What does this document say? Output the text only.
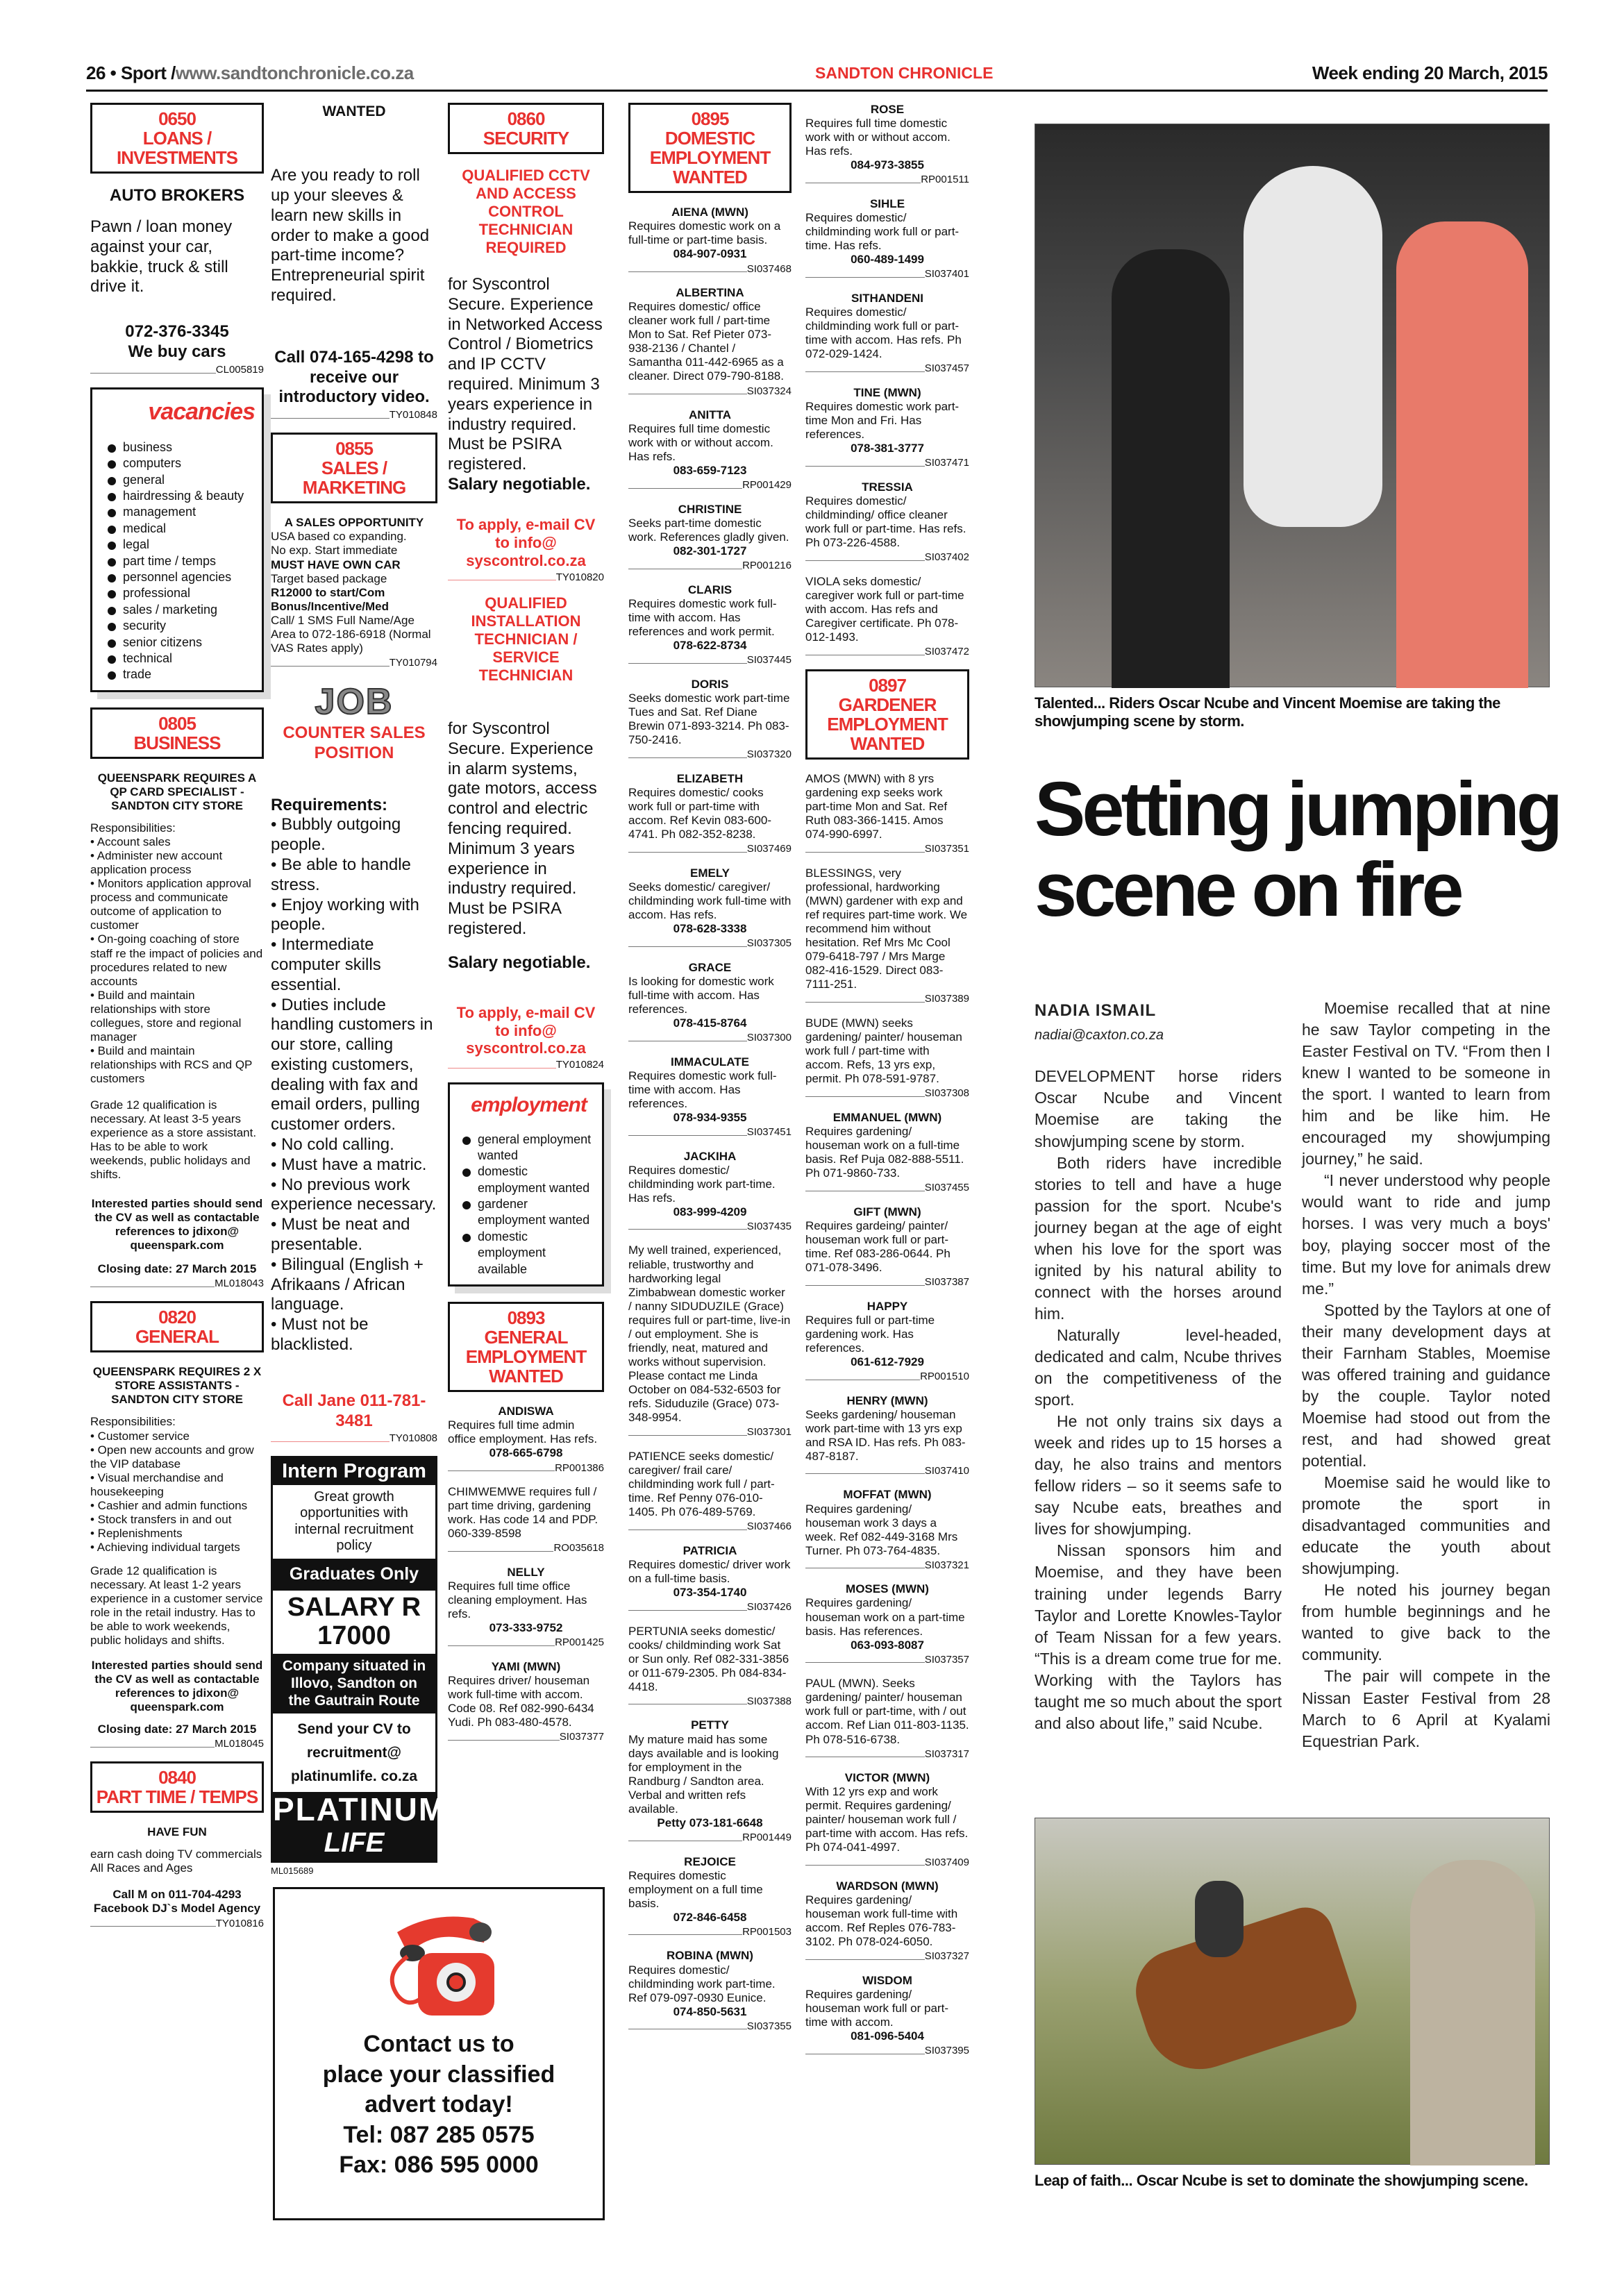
26 • Sport /www.sandtonchronicle.co.za	SANDTON CHRONICLE	Week ending 20 March, 2015
0650
LOANS /
INVESTMENTS
AUTO BROKERS

Pawn / loan money against your car, bakkie, truck & still drive it.

072-376-3345
We buy cars
CL005819
vacancies
business
computers
general
hairdressing & beauty
management
medical
legal
part time / temps
personnel agencies
professional
sales / marketing
security
senior citizens
technical
trade
0805
BUSINESS
QUEENSPARK REQUIRES A QP CARD SPECIALIST - SANDTON CITY STORE
Responsibilities:
• Account sales
• Administer new account application process
• Monitors application approval process and communicate outcome of application to customer
• On-going coaching of store staff re the impact of policies and procedures related to new accounts
• Build and maintain relationships with store collegues, store and regional manager
• Build and maintain relationships with RCS and QP customers

Grade 12 qualification is necessary. At least 3-5 years experience as a store assistant. Has to be able to work weekends, public holidays and shifts.

Interested parties should send the CV as well as contactable references to jdixon@ queenspark.com
Closing date: 27 March 2015
ML018043
0820
GENERAL
QUEENSPARK REQUIRES 2 X STORE ASSISTANTS - SANDTON CITY STORE
Responsibilities:
• Customer service
• Open new accounts and grow the VIP database
• Visual merchandise and housekeeping
• Cashier and admin functions
• Stock transfers in and out
• Replenishments
• Achieving individual targets

Grade 12 qualification is necessary. At least 1-2 years experience in a customer service role in the retail industry. Has to be able to work weekends, public holidays and shifts.

Interested parties should send the CV as well as contactable references to jdixon@ queenspark.com
Closing date: 27 March 2015
ML018045
0840
PART TIME / TEMPS
HAVE FUN

earn cash doing TV commercials All Races and Ages

Call M on 011-704-4293 Facebook DJ`s Model Agency
TY010816
WANTED

Are you ready to roll up your sleeves & learn new skills in order to make a good part-time income? Entrepreneurial spirit required.

Call 074-165-4298 to receive our introductory video.
TY010848
0855
SALES / MARKETING
A SALES OPPORTUNITY
USA based co expanding.
No exp. Start immediate
MUST HAVE OWN CAR
Target based package
R12000 to start/Com
Bonus/Incentive/Med
Call/ 1 SMS Full Name/Age Area to 072-186-6918 (Normal VAS Rates apply)
TY010794
JOB
COUNTER SALES POSITION
Requirements:
• Bubbly outgoing people.
• Be able to handle stress.
• Enjoy working with people.
• Intermediate computer skills essential.
• Duties include handling customers in our store, calling existing customers, dealing with fax and email orders, pulling customer orders.
• No cold calling.
• Must have a matric.
• No previous work experience necessary.
• Must be neat and presentable.
• Bilingual (English + Afrikaans / African language.
• Must not be blacklisted.
Call Jane 011-781-3481
TY010808
Intern Program
Great growth opportunities with internal recruitment policy
Graduates Only
SALARY R 17000
Company situated in Illovo, Sandton on the Gautrain Route
Send your CV to recruitment@ platinumlife. co.za
PLATINUM
LIFE
ML015689
Contact us to
place your classified
advert today!
Tel: 087 285 0575
Fax: 086 595 0000
0860
SECURITY
QUALIFIED CCTV AND ACCESS CONTROL TECHNICIAN REQUIRED

for Syscontrol Secure. Experience in Networked Access Control / Biometrics and IP CCTV required. Minimum 3 years experience in industry required. Must be PSIRA registered.

Salary negotiable.
To apply, e-mail CV to info@ syscontrol.co.za
TY010820
QUALIFIED INSTALLATION TECHNICIAN / SERVICE TECHNICIAN

for Syscontrol Secure. Experience in alarm systems, gate motors, access control and electric fencing required. Minimum 3 years experience in industry required. Must be PSIRA registered.

Salary negotiable.
To apply, e-mail CV to info@ syscontrol.co.za
TY010824
employment
general employment wanted
domestic employment wanted
gardener employment wanted
domestic employment available
0893
GENERAL
EMPLOYMENT
WANTED
ANDISWA
Requires full time admin office employment. Has refs.
078-665-6798
RP001386
CHIMWEMWE requires full / part time driving, gardening work. Has code 14 and PDP. 060-339-8598
RO035618
NELLY
Requires full time office cleaning employment. Has refs.
073-333-9752
RP001425
YAMI (MWN)
Requires driver/ houseman work full-time with accom. Code 08. Ref 082-990-6434 Yudi. Ph 083-480-4578.
SI037377
0895
DOMESTIC
EMPLOYMENT
WANTED
AIENA (MWN)
Requires domestic work on a full-time or part-time basis.
084-907-0931
SI037468
ALBERTINA
Requires domestic/ office cleaner work full / part-time Mon to Sat. Ref Pieter 073-938-2136 / Chantel / Samantha 011-442-6965 as a cleaner. Direct 079-790-8188.
SI037324
ANITTA
Requires full time domestic work with or without accom. Has refs.
083-659-7123
RP001429
CHRISTINE
Seeks part-time domestic work. References gladly given.
082-301-1727
RP001216
CLARIS
Requires domestic work full-time with accom. Has references and work permit.
078-622-8734
SI037445
DORIS
Seeks domestic work part-time Tues and Sat. Ref Diane Brewin 071-893-3214. Ph 083-750-2416.
SI037320
ELIZABETH
Requires domestic/ cooks work full or part-time with accom. Ref Kevin 083-600-4741. Ph 082-352-8238.
SI037469
EMELY
Seeks domestic/ caregiver/ childminding work full-time with accom. Has refs.
078-628-3338
SI037305
GRACE
Is looking for domestic work full-time with accom. Has references.
078-415-8764
SI037300
IMMACULATE
Requires domestic work full-time with accom. Has references.
078-934-9355
SI037451
JACKIHA
Requires domestic/ childminding work part-time. Has refs.
083-999-4209
SI037435
My well trained, experienced, reliable, trustworthy and hardworking legal Zimbabwean domestic worker / nanny SIDUDUZILE (Grace) requires full or part-time, live-in / out employment. She is friendly, neat, matured and works without supervision. Please contact me Linda October on 084-532-6503 for refs. Siduduzile (Grace) 073-348-9954.
SI037301
PATIENCE seeks domestic/ caregiver/ frail care/ childminding work full / part-time. Ref Penny 076-010-1405. Ph 076-489-5769.
SI037466
PATRICIA
Requires domestic/ driver work on a full-time basis.
073-354-1740
SI037426
PERTUNIA seeks domestic/ cooks/ childminding work Sat or Sun only. Ref 082-331-3856 or 011-679-2305. Ph 084-834-4418.
SI037388
PETTY
My mature maid has some days available and is looking for employment in the Randburg / Sandton area. Verbal and written refs available.
Petty 073-181-6648
RP001449
REJOICE
Requires domestic employment on a full time basis.
072-846-6458
RP001503
ROBINA (MWN)
Requires domestic/ childminding work part-time. Ref 079-097-0930 Eunice.
074-850-5631
SI037355
ROSE
Requires full time domestic work with or without accom. Has refs.
084-973-3855
RP001511
SIHLE
Requires domestic/ childminding work full or part-time. Has refs.
060-489-1499
SI037401
SITHANDENI
Requires domestic/ childminding work full or part-time with accom. Has refs. Ph 072-029-1424.
SI037457
TINE (MWN)
Requires domestic work part-time Mon and Fri. Has references.
078-381-3777
SI037471
TRESSIA
Requires domestic/ childminding/ office cleaner work full or part-time. Has refs. Ph 073-226-4588.
SI037402
VIOLA seks domestic/ caregiver work full or part-time with accom. Has refs and Caregiver certificate. Ph 078-012-1493.
SI037472
0897
GARDENER
EMPLOYMENT
WANTED
AMOS (MWN) with 8 yrs gardening exp seeks work part-time Mon and Sat. Ref Ruth 083-366-1415. Amos 074-990-6997.
SI037351
BLESSINGS, very professional, hardworking (MWN) gardener with exp and ref requires part-time work. We recommend him without hesitation. Ref Mrs Mc Cool 079-6418-797 / Mrs Marge 082-416-1529. Direct 083-7111-251.
SI037389
BUDE (MWN) seeks gardening/ painter/ houseman work full / part-time with accom. Refs, 13 yrs exp, permit. Ph 078-591-9787.
SI037308
EMMANUEL (MWN)
Requires gardening/ houseman work on a full-time basis. Ref Puja 082-888-5511. Ph 071-9860-733.
SI037455
GIFT (MWN)
Requires gardeing/ painter/ houseman work full or part-time. Ref 083-286-0644. Ph 071-078-3496.
SI037387
HAPPY
Requires full or part-time gardening work. Has references.
061-612-7929
RP001510
HENRY (MWN)
Seeks gardening/ houseman work part-time with 13 yrs exp and RSA ID. Has refs. Ph 083-487-8187.
SI037410
MOFFAT (MWN)
Requires gardening/ houseman work 3 days a week. Ref 082-449-3168 Mrs Turner. Ph 073-764-4835.
SI037321
MOSES (MWN)
Requires gardening/ houseman work on a part-time basis. Has references.
063-093-8087
SI037357
PAUL (MWN). Seeks gardening/ painter/ houseman work full or part-time, with / out accom. Ref Lian 011-803-1135. Ph 078-516-6738.
SI037317
VICTOR (MWN)
With 12 yrs exp and work permit. Requires gardening/ painter/ houseman work full / part-time with accom. Has refs. Ph 074-041-4997.
SI037409
WARDSON (MWN)
Requires gardening/ houseman work full-time with accom. Ref Reples 076-783-3102. Ph 078-024-6050.
SI037327
WISDOM
Requires gardening/ houseman work full or part-time with accom.
081-096-5404
SI037395
Talented... Riders Oscar Ncube and Vincent Moemise are taking the showjumping scene by storm.
Setting jumping
scene on fire
NADIA ISMAIL
nadiai@caxton.co.za

DEVELOPMENT horse riders Oscar Ncube and Vincent Moemise are taking the showjumping scene by storm.

Both riders have incredible stories to tell and have a huge passion for the sport. Ncube's journey began at the age of eight when his love for the sport was ignited by his natural ability to connect with the horses around him.

Naturally level-headed, dedicated and calm, Ncube thrives on the competitiveness of the sport.

He not only trains six days a week and rides up to 15 horses a day, he also trains and mentors fellow riders – so it seems safe to say Ncube eats, breathes and lives for showjumping.

Nissan sponsors him and Moemise, and they have been training under legends Barry Taylor and Lorette Knowles-Taylor of Team Nissan for a few years. “This is a dream come true for me. Working with the Taylors has taught me so much about the sport and also about life,” said Ncube.

Moemise recalled that at nine he saw Taylor competing in the Easter Festival on TV. “From then I knew I wanted to be someone in the sport. I wanted to learn from him and be like him. He encouraged my showjumping journey,” he said.

“I never understood why people would want to ride and jump horses. I was very much a boys' boy, playing soccer most of the time. But my love for animals drew me.”

Spotted by the Taylors at one of their many development days at their Farnham Stables, Moemise was offered training and guidance by the couple. Taylor noted Moemise had stood out from the rest, and had showed great potential.

Moemise said he would like to promote the sport in disadvantaged communities and educate the youth about showjumping.

He noted his journey began from humble beginnings and he wanted to give back to the community.

The pair will compete in the Nissan Easter Festival from 28 March to 6 April at Kyalami Equestrian Park.

Leap of faith... Oscar Ncube is set to dominate the showjumping scene.
